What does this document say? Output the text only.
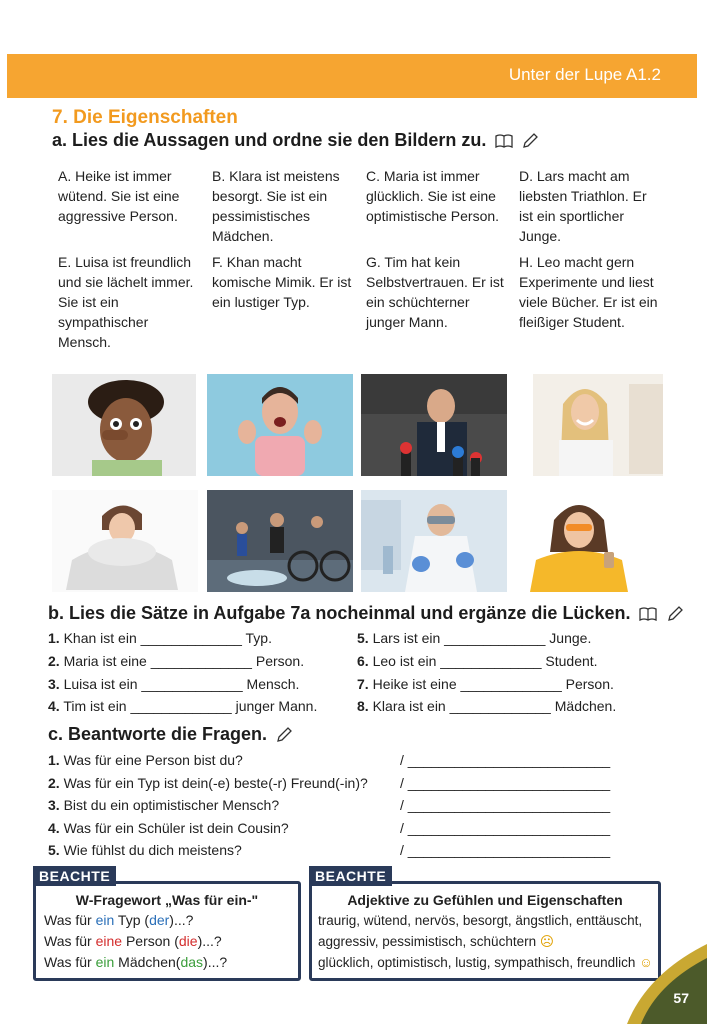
Unter der Lupe A1.2
7. Die Eigenschaften
a. Lies die Aussagen und ordne sie den Bildern zu.
A. Heike ist immer wütend. Sie ist eine aggressive Person.
B. Klara ist meistens besorgt. Sie ist ein pessimistisches Mädchen.
C. Maria ist immer glücklich. Sie ist eine optimistische Person.
D. Lars macht am liebsten Triathlon. Er ist ein sportlicher Junge.
E. Luisa ist freundlich und sie lächelt immer. Sie ist ein sympathischer Mensch.
F. Khan macht komische Mimik. Er ist ein lustiger Typ.
G. Tim hat kein Selbstvertrauen. Er ist ein schüchterner junger Mann.
H. Leo macht gern Experimente und liest viele Bücher. Er ist ein fleißiger Student.
b. Lies die Sätze in Aufgabe 7a nocheinmal und ergänze die Lücken.
1. Khan ist ein _____________ Typ.
2. Maria ist eine _____________ Person.
3. Luisa ist ein _____________ Mensch.
4. Tim ist ein _____________ junger Mann.
5. Lars ist ein _____________ Junge.
6. Leo ist ein _____________ Student.
7. Heike ist eine _____________ Person.
8. Klara ist ein _____________ Mädchen.
c. Beantworte die Fragen.
1. Was für eine Person bist du?
2. Was für ein Typ ist dein(-e) beste(-r) Freund(-in)?
3. Bist du ein optimistischer Mensch?
4. Was für ein Schüler ist dein Cousin?
5. Wie fühlst du dich meistens?
/ __________________________
/ __________________________
/ __________________________
/ __________________________
/ __________________________
W-Fragewort „Was für ein-"
Was für ein Typ (der)...?
Was für eine Person (die)...?
Was für ein Mädchen(das)...?
BEACHTE
Adjektive zu Gefühlen und Eigenschaften
traurig, wütend, nervös, besorgt, ängstlich, enttäuscht,
aggressiv, pessimistisch, schüchtern ☹
glücklich, optimistisch, lustig, sympathisch, freundlich ☺
BEACHTE
57
